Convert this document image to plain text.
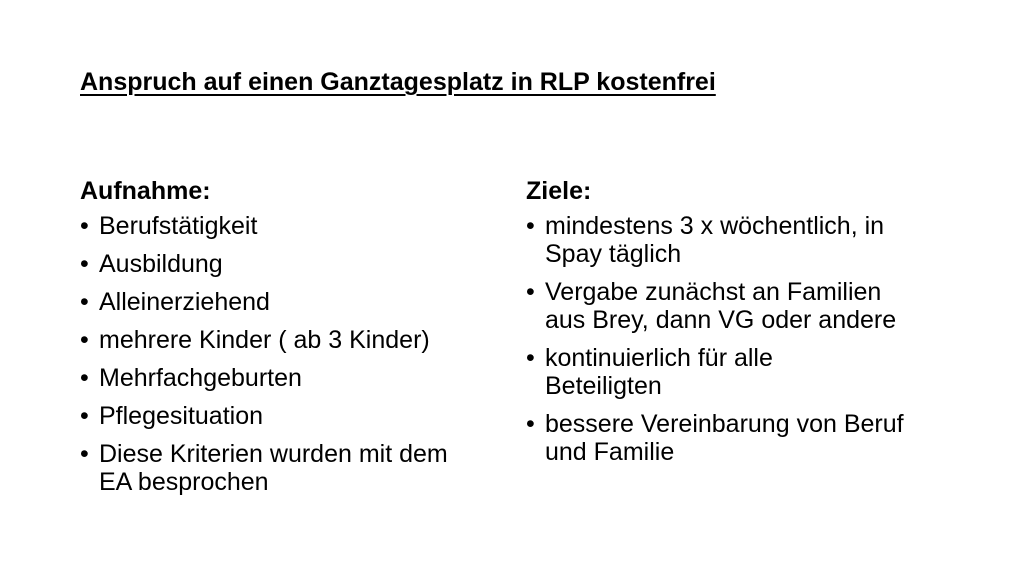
Anspruch auf einen Ganztagesplatz in RLP kostenfrei
Aufnahme:
• Berufstätigkeit
• Ausbildung
• Alleinerziehend
• mehrere Kinder ( ab 3 Kinder)
• Mehrfachgeburten
• Pflegesituation
• Diese Kriterien wurden mit dem EA besprochen
Ziele:
• mindestens 3 x wöchentlich, in Spay täglich
• Vergabe zunächst an Familien aus Brey, dann VG oder andere
• kontinuierlich für alle Beteiligten
• bessere Vereinbarung von Beruf und Familie
